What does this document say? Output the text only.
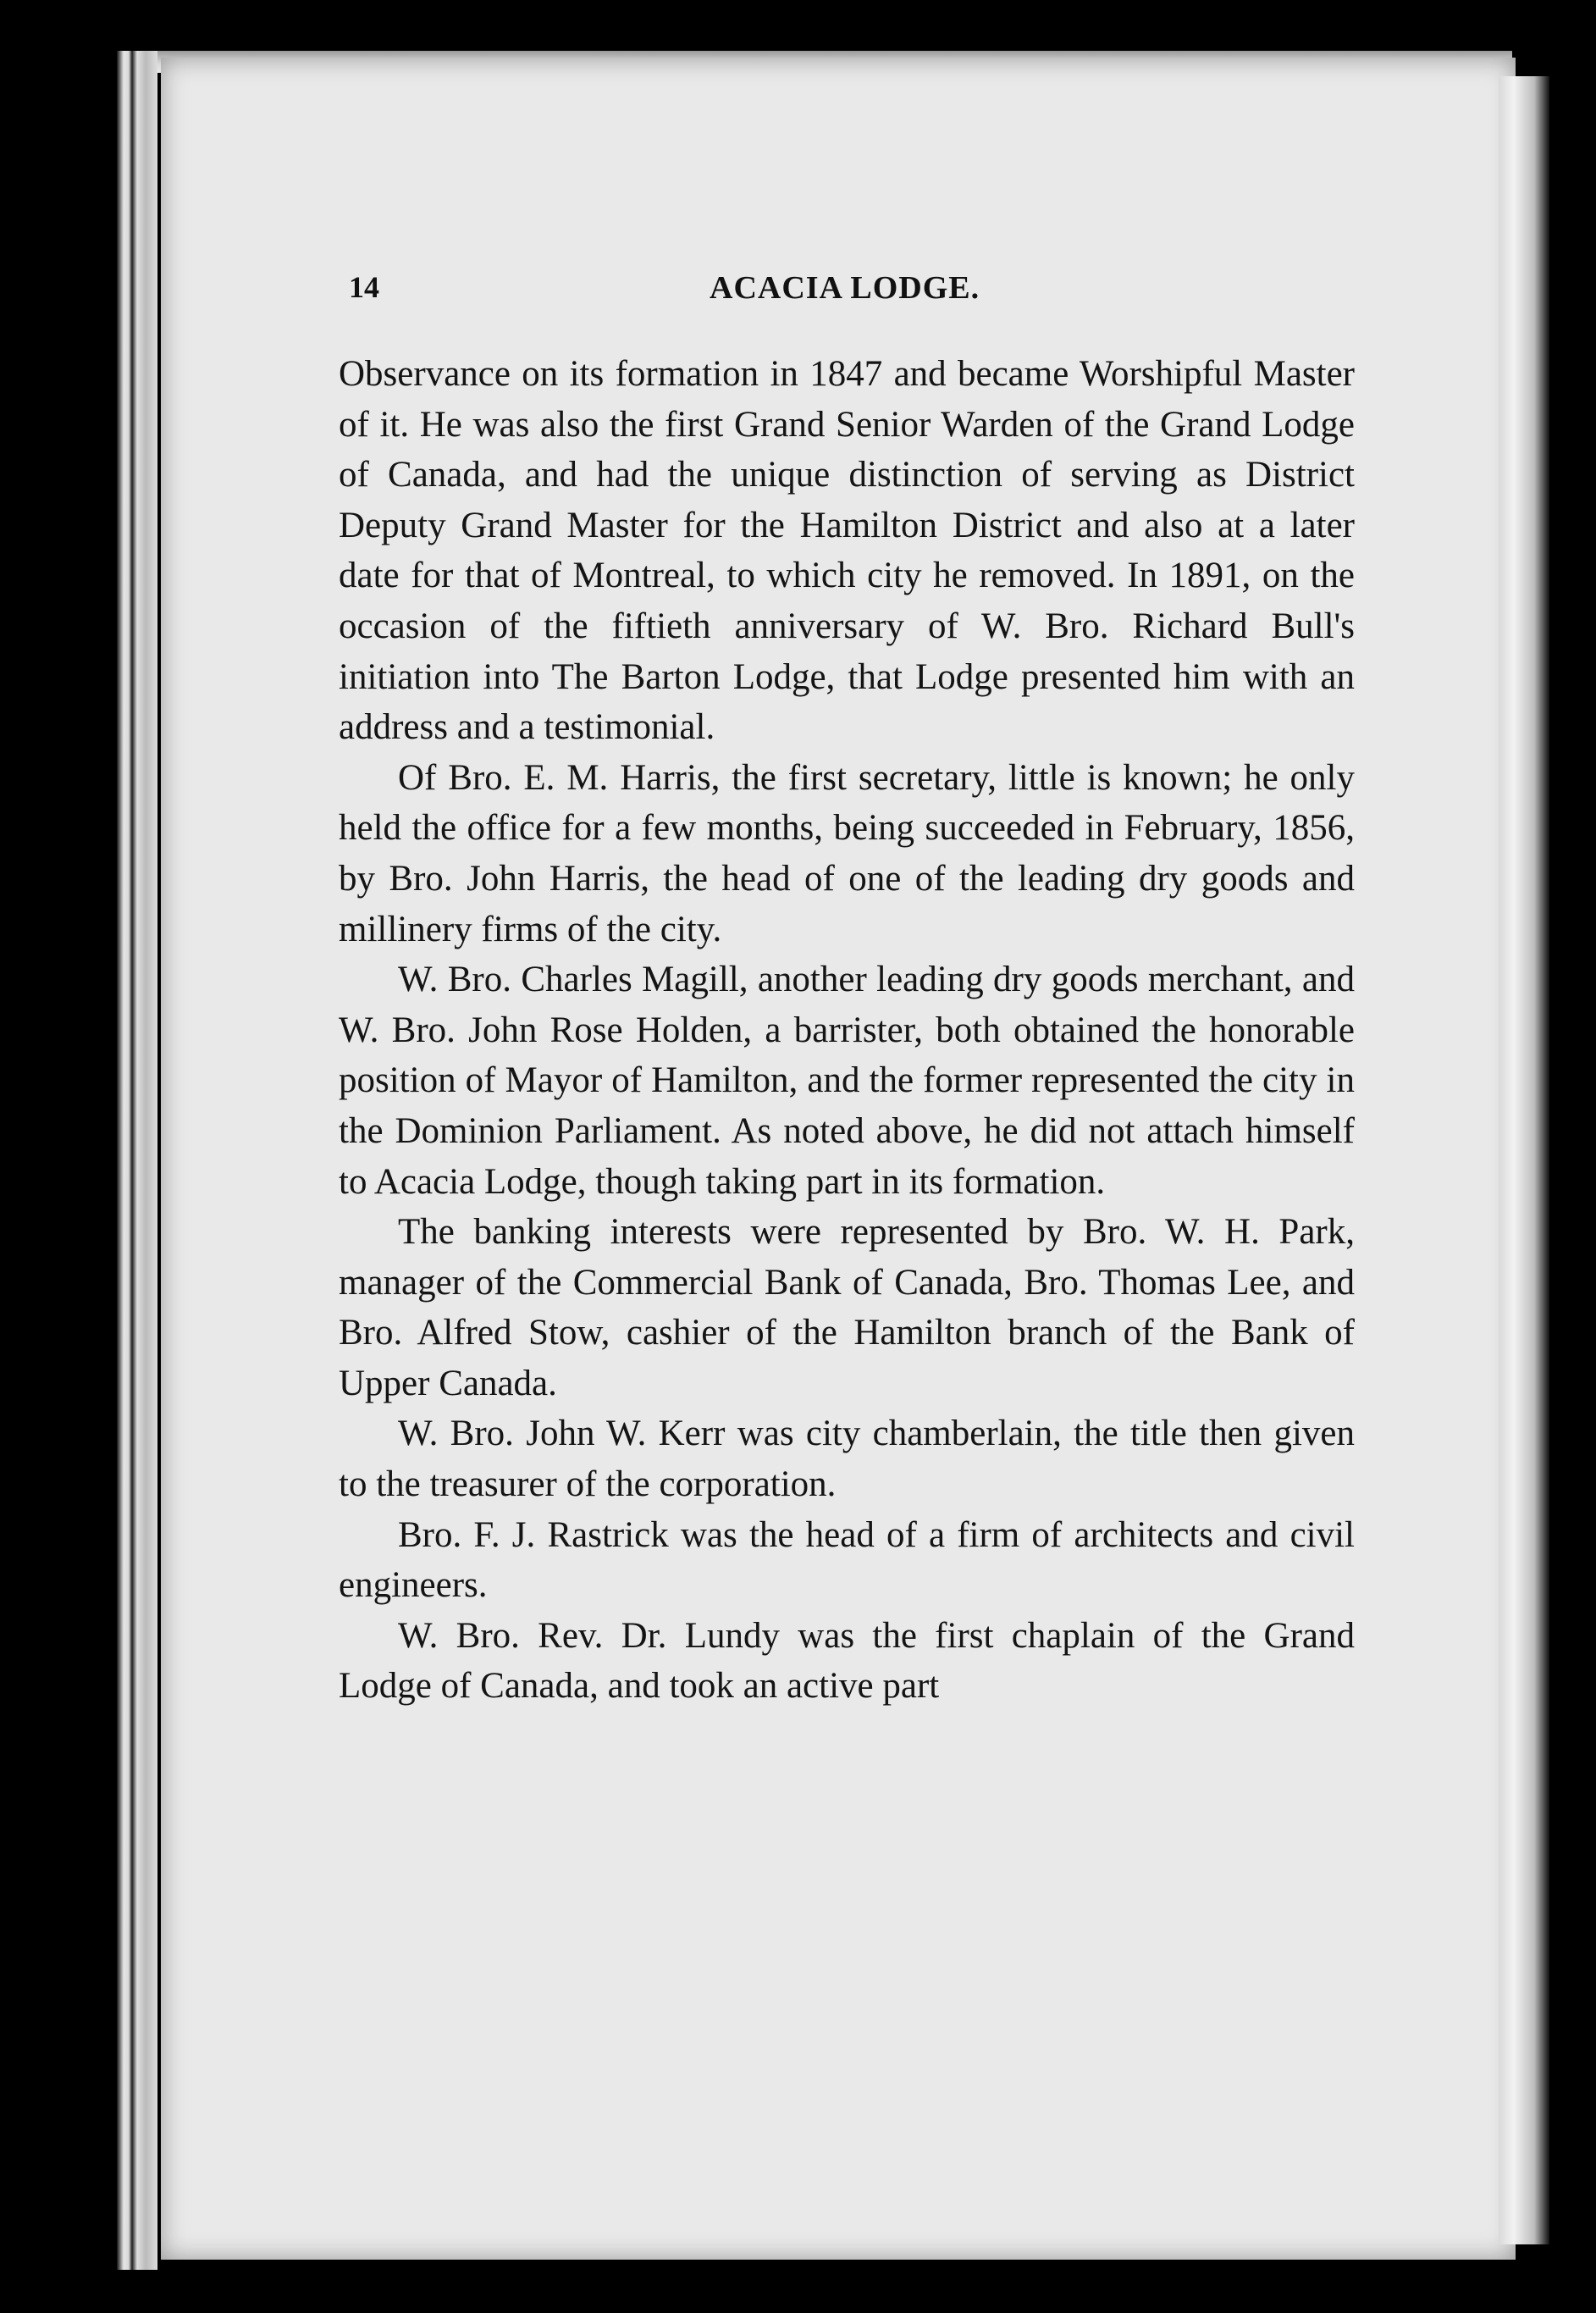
14	ACACIA LODGE.

Observance on its formation in 1847 and became Worshipful Master of it. He was also the first Grand Senior Warden of the Grand Lodge of Canada, and had the unique distinction of serving as District Deputy Grand Master for the Hamilton District and also at a later date for that of Montreal, to which city he removed. In 1891, on the occasion of the fiftieth anniversary of W. Bro. Richard Bull's initiation into The Barton Lodge, that Lodge presented him with an address and a testimonial.

Of Bro. E. M. Harris, the first secretary, little is known; he only held the office for a few months, being succeeded in February, 1856, by Bro. John Harris, the head of one of the leading dry goods and millinery firms of the city.

W. Bro. Charles Magill, another leading dry goods merchant, and W. Bro. John Rose Holden, a barrister, both obtained the honorable position of Mayor of Hamilton, and the former represented the city in the Dominion Parliament. As noted above, he did not attach himself to Acacia Lodge, though taking part in its formation.

The banking interests were represented by Bro. W. H. Park, manager of the Commercial Bank of Canada, Bro. Thomas Lee, and Bro. Alfred Stow, cashier of the Hamilton branch of the Bank of Upper Canada.

W. Bro. John W. Kerr was city chamberlain, the title then given to the treasurer of the corporation.

Bro. F. J. Rastrick was the head of a firm of architects and civil engineers.

W. Bro. Rev. Dr. Lundy was the first chaplain of the Grand Lodge of Canada, and took an active part
